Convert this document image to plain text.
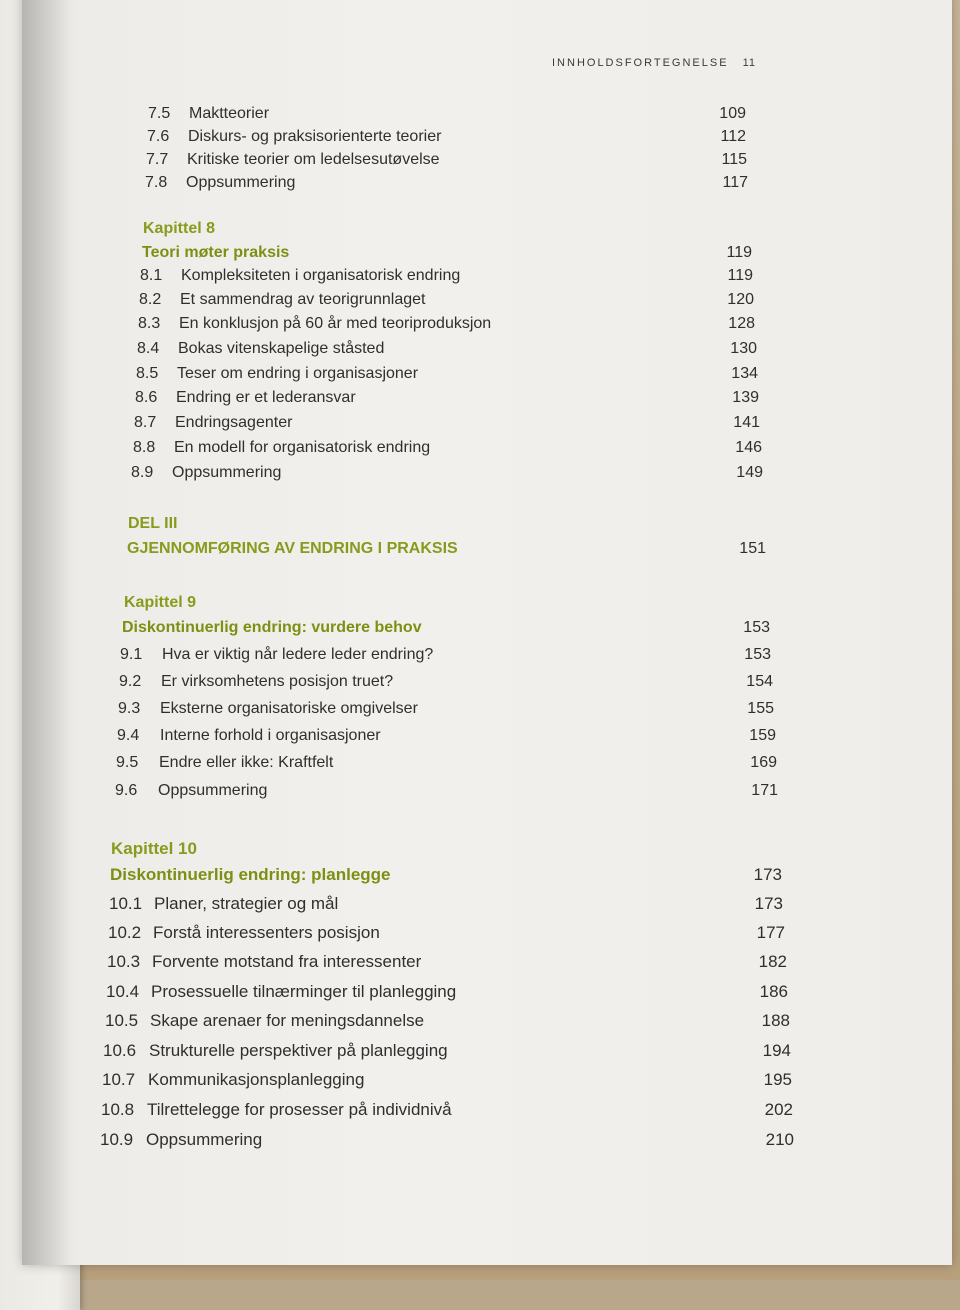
INNHOLDSFORTEGNELSE 11
7.5 Maktteorier	109
7.6 Diskurs- og praksisorienterte teorier	112
7.7 Kritiske teorier om ledelsesutøvelse	115
7.8 Oppsummering	117
Kapittel 8
Teori møter praksis	119
8.1 Kompleksiteten i organisatorisk endring	119
8.2 Et sammendrag av teorigrunnlaget	120
8.3 En konklusjon på 60 år med teoriproduksjon	128
8.4 Bokas vitenskapelige ståsted	130
8.5 Teser om endring i organisasjoner	134
8.6 Endring er et lederansvar	139
8.7 Endringsagenter	141
8.8 En modell for organisatorisk endring	146
8.9 Oppsummering	149
DEL III
GJENNOMFØRING AV ENDRING I PRAKSIS	151
Kapittel 9
Diskontinuerlig endring: vurdere behov	153
9.1 Hva er viktig når ledere leder endring?	153
9.2 Er virksomhetens posisjon truet?	154
9.3 Eksterne organisatoriske omgivelser	155
9.4 Interne forhold i organisasjoner	159
9.5 Endre eller ikke: Kraftfelt	169
9.6 Oppsummering	171
Kapittel 10
Diskontinuerlig endring: planlegge	173
10.1 Planer, strategier og mål	173
10.2 Forstå interessenters posisjon	177
10.3 Forvente motstand fra interessenter	182
10.4 Prosessuelle tilnærminger til planlegging	186
10.5 Skape arenaer for meningsdannelse	188
10.6 Strukturelle perspektiver på planlegging	194
10.7 Kommunikasjonsplanlegging	195
10.8 Tilrettelegge for prosesser på individnivå	202
10.9 Oppsummering	210
